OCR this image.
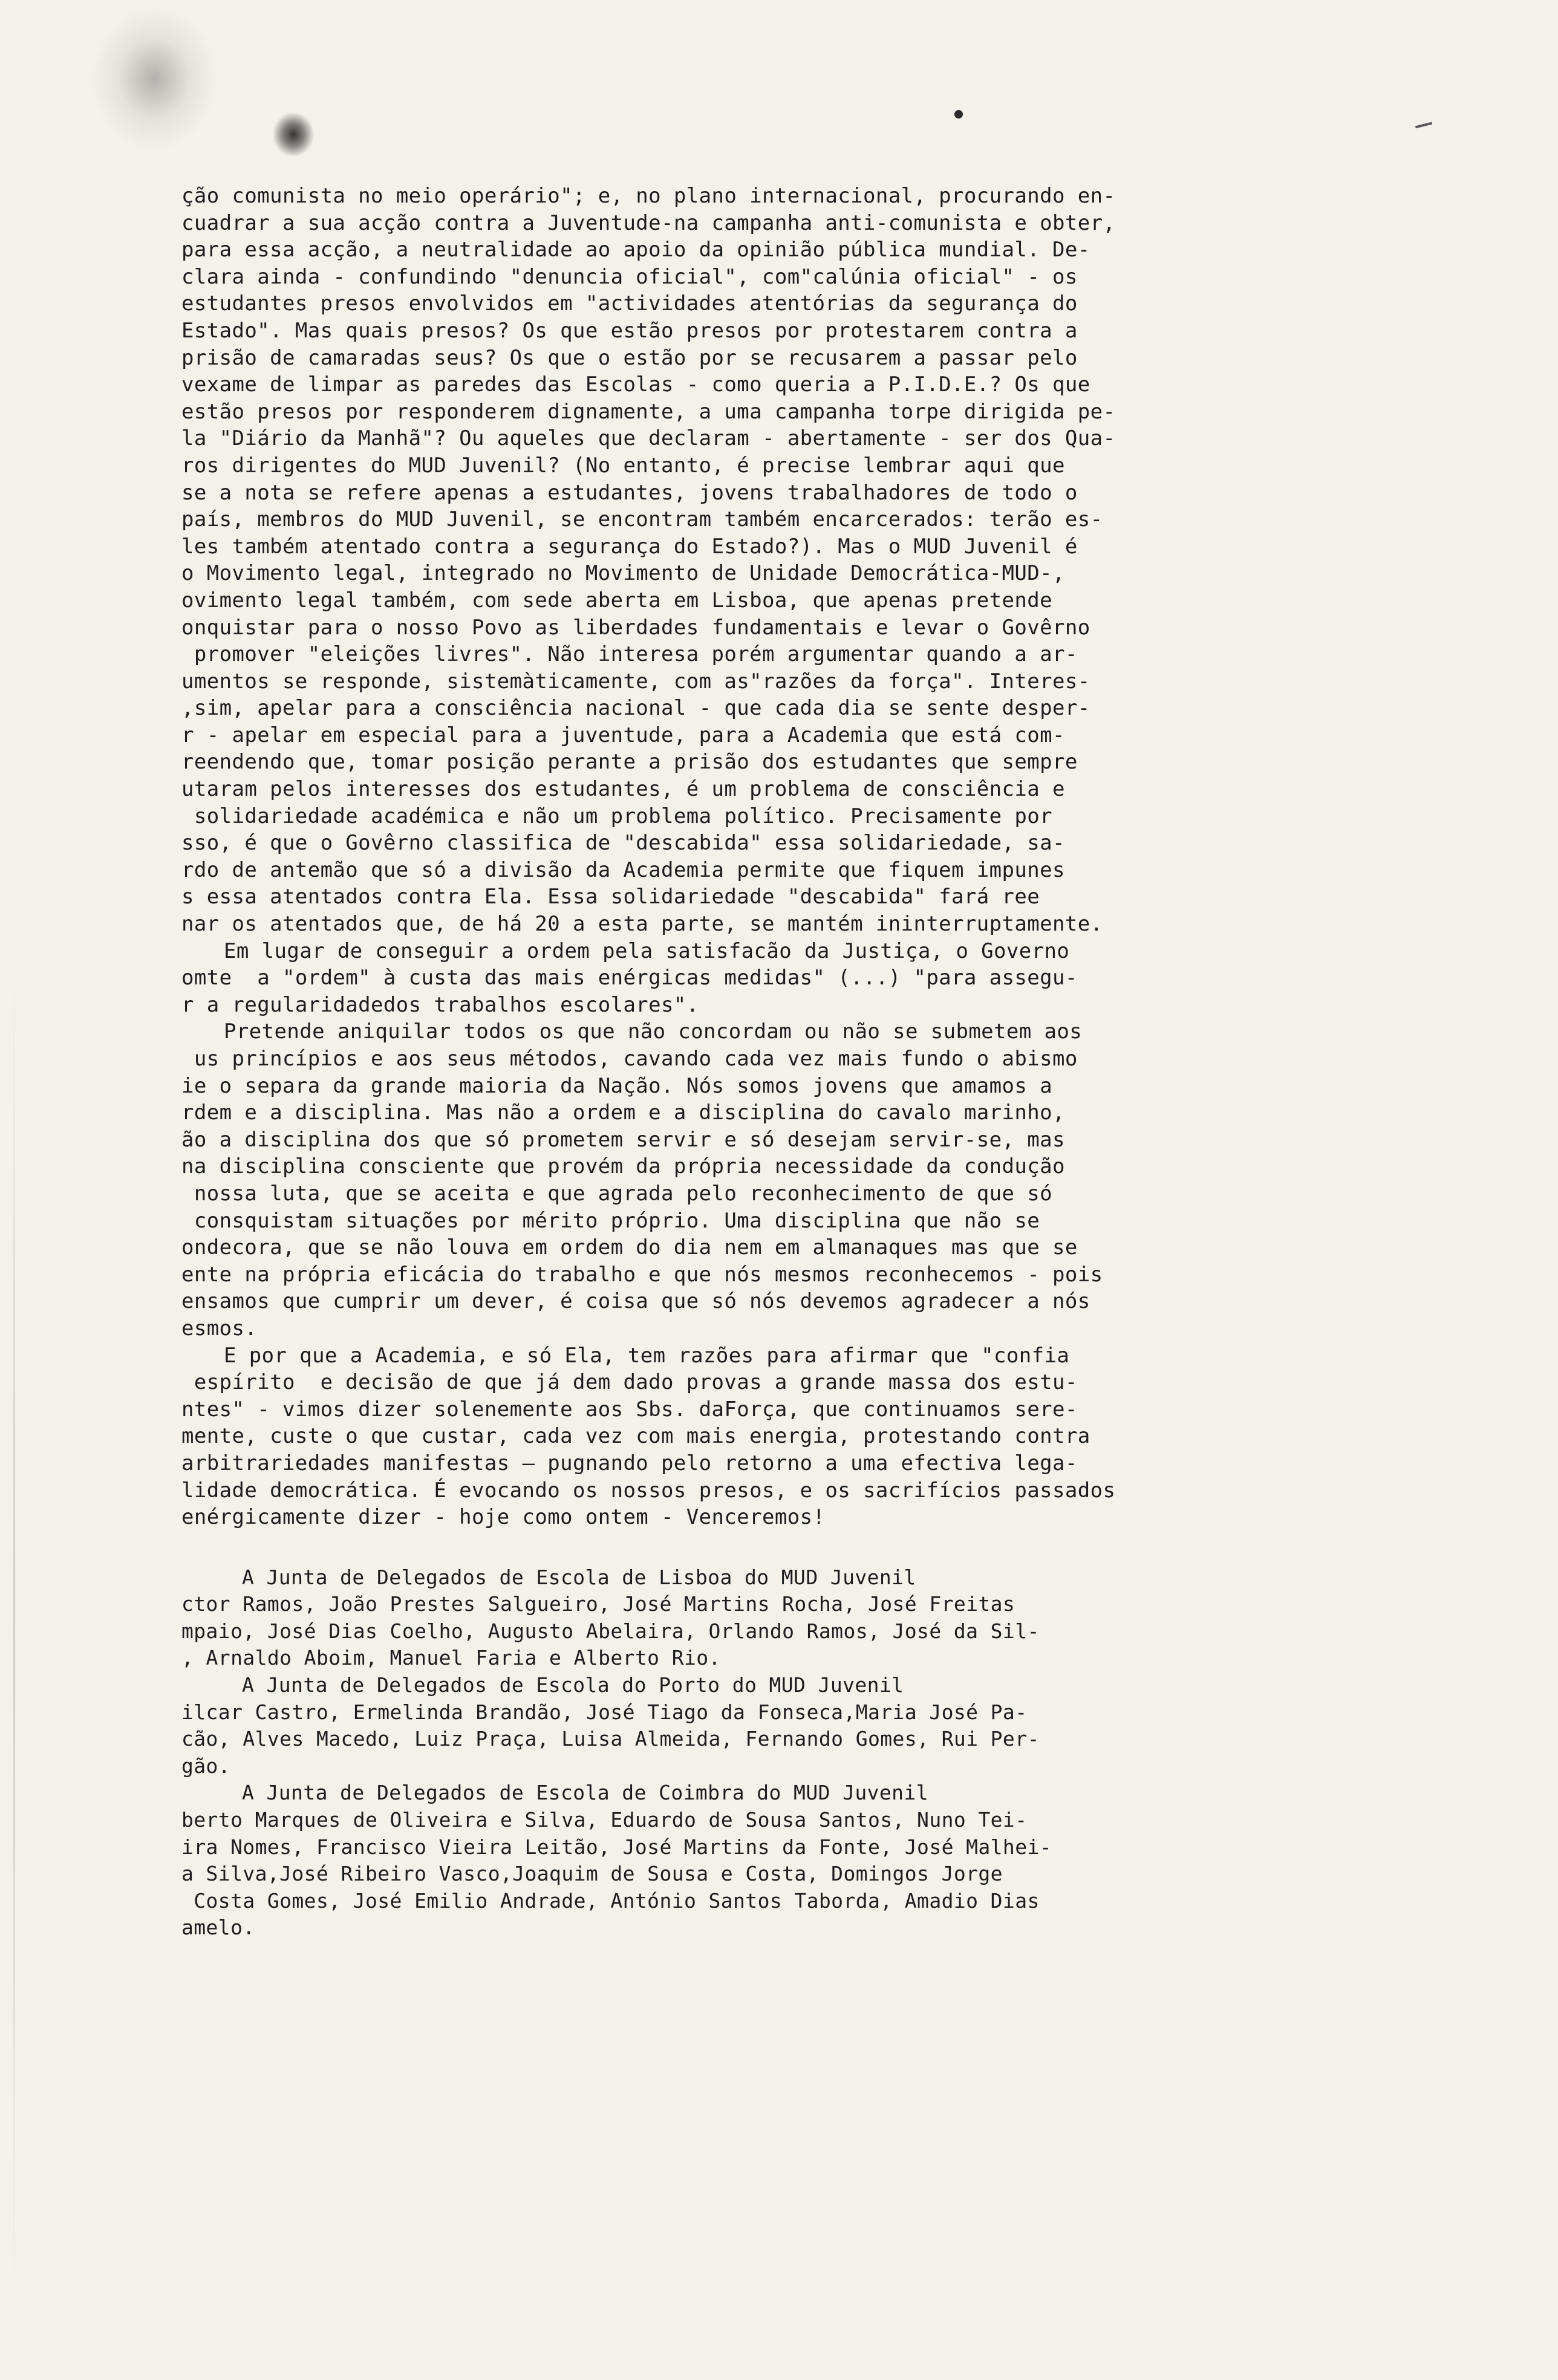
ção comunista no meio operário"; e, no plano internacional, procurando en-
cuadrar a sua acção contra a Juventude-na campanha anti-comunista e obter,
para essa acção, a neutralidade ao apoio da opinião pública mundial. De-
clara ainda - confundindo "denuncia oficial", com"calúnia oficial" - os
estudantes presos envolvidos em "actividades atentórias da segurança do
Estado". Mas quais presos? Os que estão presos por protestarem contra a
prisão de camaradas seus? Os que o estão por se recusarem a passar pelo
vexame de limpar as paredes das Escolas - como queria a P.I.D.E.? Os que
estão presos por responderem dignamente, a uma campanha torpe dirigida pe-
la "Diário da Manhã"? Ou aqueles que declaram - abertamente - ser dos Qua-
ros dirigentes do MUD Juvenil? (No entanto, é precise lembrar aqui que
se a nota se refere apenas a estudantes, jovens trabalhadores de todo o
país, membros do MUD Juvenil, se encontram também encarcerados: terão es-
les também atentado contra a segurança do Estado?). Mas o MUD Juvenil é
o Movimento legal, integrado no Movimento de Unidade Democrática-MUD-,
ovimento legal também, com sede aberta em Lisboa, que apenas pretende
onquistar para o nosso Povo as liberdades fundamentais e levar o Govêrno
promover "eleições livres". Não interesa porém argumentar quando a ar-
umentos se responde, sistemàticamente, com as"razões da força". Interes-
,sim, apelar para a consciência nacional - que cada dia se sente desper-
r - apelar em especial para a juventude, para a Academia que está com-
reendendo que, tomar posição perante a prisão dos estudantes que sempre
utaram pelos interesses dos estudantes, é um problema de consciência e
solidariedade académica e não um problema político. Precisamente por
sso, é que o Govêrno classifica de "descabida" essa solidariedade, sa-
rdo de antemão que só a divisão da Academia permite que fiquem impunes
s essa atentados contra Ela. Essa solidariedade "descabida" fará ree
nar os atentados que, de há 20 a esta parte, se mantém ininterruptamente.
Em lugar de conseguir a ordem pela satisfacão da Justiça, o Governo
omte  a "ordem" à custa das mais enérgicas medidas" (...) "para assegu-
r a regularidadedos trabalhos escolares".
Pretende aniquilar todos os que não concordam ou não se submetem aos
us princípios e aos seus métodos, cavando cada vez mais fundo o abismo
ie o separa da grande maioria da Nação. Nós somos jovens que amamos a
rdem e a disciplina. Mas não a ordem e a disciplina do cavalo marinho,
ão a disciplina dos que só prometem servir e só desejam servir-se, mas
na disciplina consciente que provém da própria necessidade da condução
nossa luta, que se aceita e que agrada pelo reconhecimento de que só
consquistam situações por mérito próprio. Uma disciplina que não se
ondecora, que se não louva em ordem do dia nem em almanaques mas que se
ente na própria eficácia do trabalho e que nós mesmos reconhecemos - pois
ensamos que cumprir um dever, é coisa que só nós devemos agradecer a nós
esmos.
E por que a Academia, e só Ela, tem razões para afirmar que "confia
espírito  e decisão de que já dem dado provas a grande massa dos estu-
ntes" - vimos dizer solenemente aos Sbs. daForça, que continuamos sere-
mente, custe o que custar, cada vez com mais energia, protestando contra
arbitrariedades manifestas — pugnando pelo retorno a uma efectiva lega-
lidade democrática. É evocando os nossos presos, e os sacrifícios passados
enérgicamente dizer - hoje como ontem - Venceremos!
A Junta de Delegados de Escola de Lisboa do MUD Juvenil
ctor Ramos, João Prestes Salgueiro, José Martins Rocha, José Freitas
mpaio, José Dias Coelho, Augusto Abelaira, Orlando Ramos, José da Sil-
, Arnaldo Aboim, Manuel Faria e Alberto Rio.
A Junta de Delegados de Escola do Porto do MUD Juvenil
ilcar Castro, Ermelinda Brandão, José Tiago da Fonseca,Maria José Pa-
cão, Alves Macedo, Luiz Praça, Luisa Almeida, Fernando Gomes, Rui Per-
gão.
A Junta de Delegados de Escola de Coimbra do MUD Juvenil
berto Marques de Oliveira e Silva, Eduardo de Sousa Santos, Nuno Tei-
ira Nomes, Francisco Vieira Leitão, José Martins da Fonte, José Malhei-
a Silva,José Ribeiro Vasco,Joaquim de Sousa e Costa, Domingos Jorge
Costa Gomes, José Emilio Andrade, António Santos Taborda, Amadio Dias
amelo.
